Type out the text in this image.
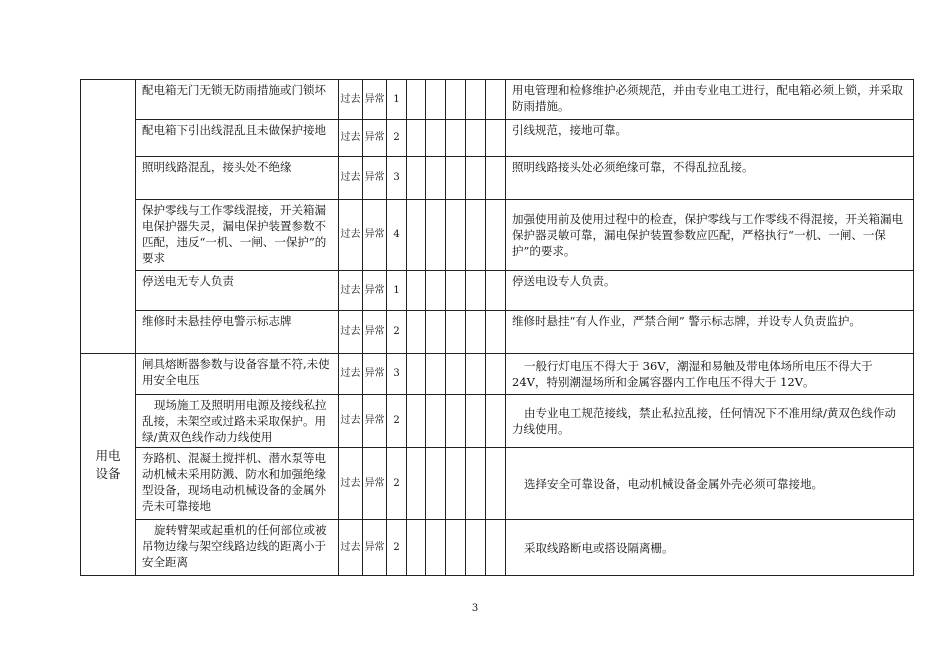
	配电箱无门无锁无防雨措施或门锁坏	过去	异常	1						用电管理和检修维护必须规范，并由专业电工进行，配电箱必须上锁，并采取防雨措施。
	配电箱下引出线混乱且未做保护接地	过去	异常	2						引线规范，接地可靠。
	照明线路混乱，接头处不绝缘	过去	异常	3						照明线路接头处必须绝缘可靠，不得乱拉乱接。
	保护零线与工作零线混接，开关箱漏电保护器失灵，漏电保护装置参数不匹配，违反“一机、一闸、一保护”的要求	过去	异常	4						加强使用前及使用过程中的检查，保护零线与工作零线不得混接，开关箱漏电保护器灵敏可靠，漏电保护装置参数应匹配，严格执行“一机、一闸、一保护”的要求。
	停送电无专人负责	过去	异常	1						停送电设专人负责。
	维修时未悬挂停电警示标志牌	过去	异常	2						维修时悬挂“有人作业，严禁合闸” 警示标志牌，并设专人负责监护。

用电设备	闸具熔断器参数与设备容量不符,未使用安全电压	过去	异常	3						一般行灯电压不得大于 36V，潮湿和易触及带电体场所电压不得大于 24V，特别潮湿场所和金属容器内工作电压不得大于 12V。
	现场施工及照明用电源及接线私拉乱接，未架空或过路未采取保护。用绿/黄双色线作动力线使用	过去	异常	2						由专业电工规范接线，禁止私拉乱接，任何情况下不准用绿/黄双色线作动力线使用。
	夯路机、混凝土搅拌机、潜水泵等电动机械未采用防溅、防水和加强绝缘型设备，现场电动机械设备的金属外壳未可靠接地	过去	异常	2						选择安全可靠设备，电动机械设备金属外壳必须可靠接地。
	旋转臂架或起重机的任何部位或被吊物边缘与架空线路边线的距离小于安全距离	过去	异常	2						采取线路断电或搭设隔离栅。
3
